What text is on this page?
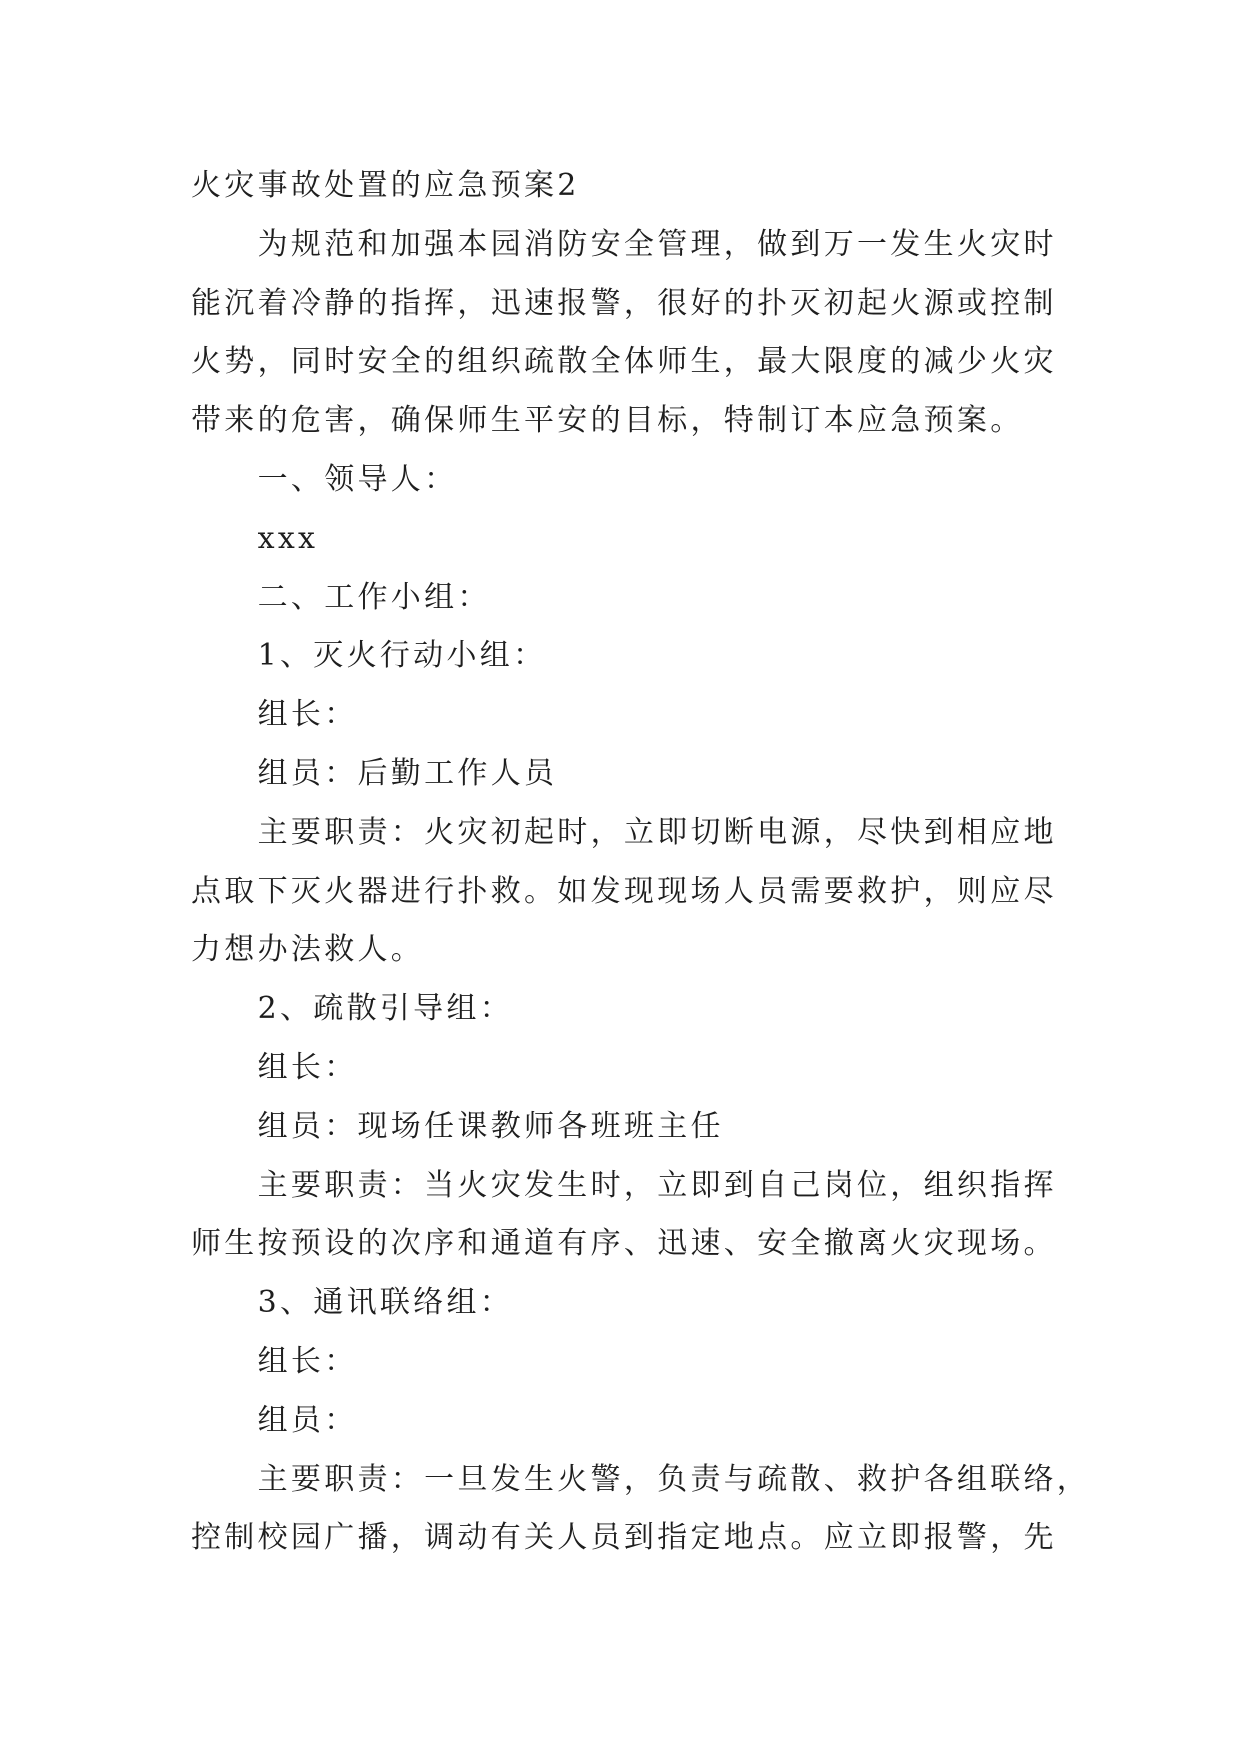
火灾事故处置的应急预案2
为规范和加强本园消防安全管理，做到万一发生火灾时
能沉着冷静的指挥，迅速报警，很好的扑灭初起火源或控制
火势，同时安全的组织疏散全体师生，最大限度的减少火灾
带来的危害，确保师生平安的目标，特制订本应急预案。
一、领导人：
xxx
二、工作小组：
1、灭火行动小组：
组长：
组员：后勤工作人员
主要职责：火灾初起时，立即切断电源，尽快到相应地
点取下灭火器进行扑救。如发现现场人员需要救护，则应尽
力想办法救人。
2、疏散引导组：
组长：
组员：现场任课教师各班班主任
主要职责：当火灾发生时，立即到自己岗位，组织指挥
师生按预设的次序和通道有序、迅速、安全撤离火灾现场。
3、通讯联络组：
组长：
组员：
主要职责：一旦发生火警，负责与疏散、救护各组联络，
控制校园广播，调动有关人员到指定地点。应立即报警，先
